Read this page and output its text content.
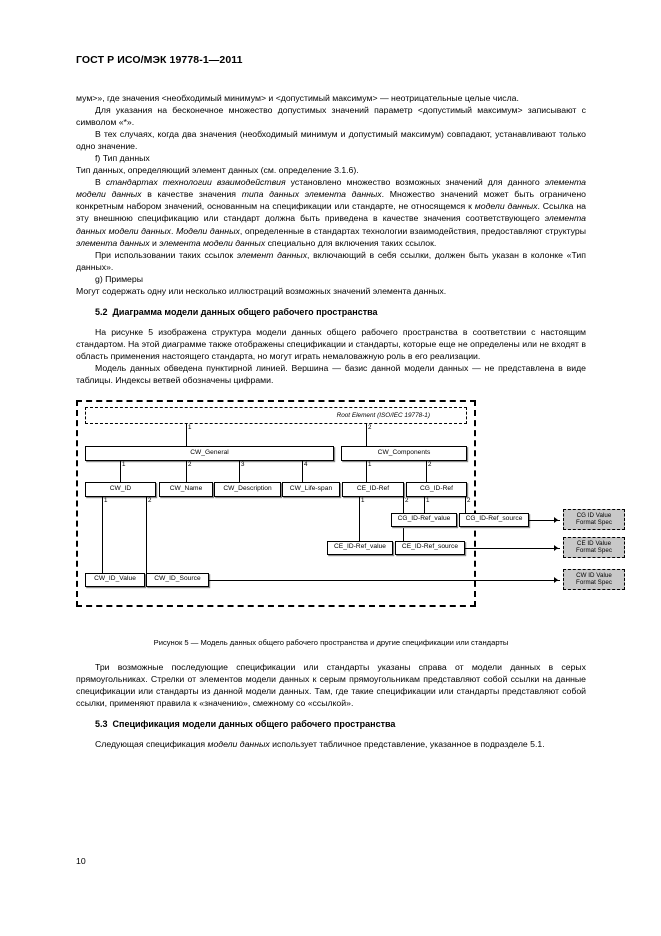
ГОСТ Р ИСО/МЭК 19778-1—2011

мум>», где значения <необходимый минимум> и <допустимый максимум> — неотрицательные целые числа.

Для указания на бесконечное множество допустимых значений параметр <допустимый максимум> записывают с символом «*».

В тех случаях, когда два значения (необходимый минимум и допустимый максимум) совпадают, устанавливают только одно значение.

f) Тип данных

Тип данных, определяющий элемент данных (см. определение 3.1.6).

В стандартах технологии взаимодействия установлено множество возможных значений для данного элемента модели данных в качестве значения типа данных элемента данных. Множество значений может быть ограничено конкретным набором значений, основанным на спецификации или стандарте, не относящемся к модели данных. Ссылка на эту внешнюю спецификацию или стандарт должна быть приведена в качестве значения соответствующего элемента данных модели данных. Модели данных, определенные в стандартах технологии взаимодействия, предоставляют структуры элемента данных и элемента модели данных специально для включения таких ссылок.

При использовании таких ссылок элемент данных, включающий в себя ссылки, должен быть указан в колонке «Тип данных».

g) Примеры

Могут содержать одну или несколько иллюстраций возможных значений элемента данных.

5.2 Диаграмма модели данных общего рабочего пространства

На рисунке 5 изображена структура модели данных общего рабочего пространства в соответствии с настоящим стандартом. На этой диаграмме также отображены спецификации и стандарты, которые еще не определены или не входят в область применения настоящего стандарта, но могут играть немаловажную роль в его реализации.

Модель данных обведена пунктирной линией. Вершина — базис данной модели данных — не представлена в виде таблицы. Индексы ветвей обозначены цифрами.

Root Element (ISO/IEC 19778-1)
1	2
CW_General	CW_Components
1	2	3	4	1	2
CW_ID	CW_Name	CW_Description	CW_Life-span	CE_ID-Ref	CG_ID-Ref
1	2	1	2	1	2
CG_ID-Ref_value CG_ID-Ref_source
CE_ID-Ref_value CE_ID-Ref_source
CW_ID_Value	CW_ID_Source
CG ID Value
Format Spec
CE ID Value
Format Spec
CW ID Value
Format Spec
Рисунок 5 — Модель данных общего рабочего пространства и другие спецификации или стандарты

Три возможные последующие спецификации или стандарты указаны справа от модели данных в серых прямоугольниках. Стрелки от элементов модели данных к серым прямоугольникам представляют собой ссылки на данные спецификации или стандарты из данной модели данных. Там, где такие спецификации или стандарты представляют собой ссылки, применяют правила к «значению», смежному со «ссылкой».

5.3 Спецификация модели данных общего рабочего пространства

Следующая спецификация модели данных использует табличное представление, указанное в подразделе 5.1.

10
